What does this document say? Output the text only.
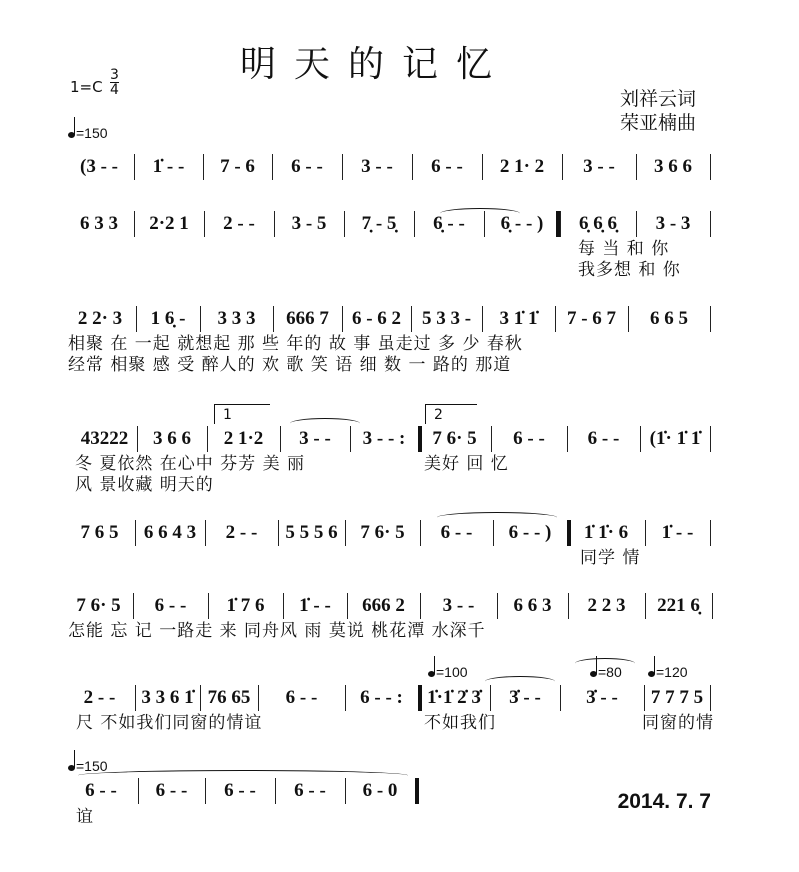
明天的记忆
$1=C \frac{3}{4}$
=150
刘祥云词
荣亚楠曲
(3 - -	1̇ - -	7 - 6	6 - -	3 - -	6 - -	2 1· 2	3 - -	3 6 6
6 3 3	2·2 1	2 - -	3 - 5	7̣ - 5̣	6̣ - -	6̣ - - )	6̣ 6̣ 6̣	3 - 3
每 当 和 你
我多想 和 你
2 2· 3	1 6̣ -	3 3 3	666 7	6 - 6 2	5 3 3 -	3 1̇ 1̇	7 - 6 7	6 6 5
相聚 在 一起 就想起 那 些 年的 故 事 虽走过 多 少 春秋
经常 相聚 感 受 醉人的 欢 歌 笑 语 细 数 一 路的 那道
43222	3 6 6	2 1·2	3 - -	3 - - :	7 6· 5	6 - -	6 - -	(1̇· 1̇ 1̇
冬 夏依然 在心中 芬芳 美 丽
风 景收藏 明天的
美好 回 忆
7 6 5	6 6 4 3	2 - -	5 5 5 6	7 6· 5	6 - -	6 - - )	1̇ 1̇· 6	1̇ - -
同学 情
7 6· 5	6 - -	1̇ 7 6	1̇ - -	666 2	3 - -	6 6 3	2 2 3	221 6̣
怎能 忘 记 一路走 来 同舟风 雨 莫说 桃花潭 水深千
2 - -	3 3 6 1̇ 76 65	6 - -	6 - - :	1̇·1̇ 2̇ 3̇	3̇ - -	3̇ - -	7 7 7 5
尺 不如我们同窗的情谊	不如我们	同窗的情
6 - -	6 - -	6 - -	6 - -	6 - 0
谊
1	2
=100	=80	=120
=150
2014. 7. 7
